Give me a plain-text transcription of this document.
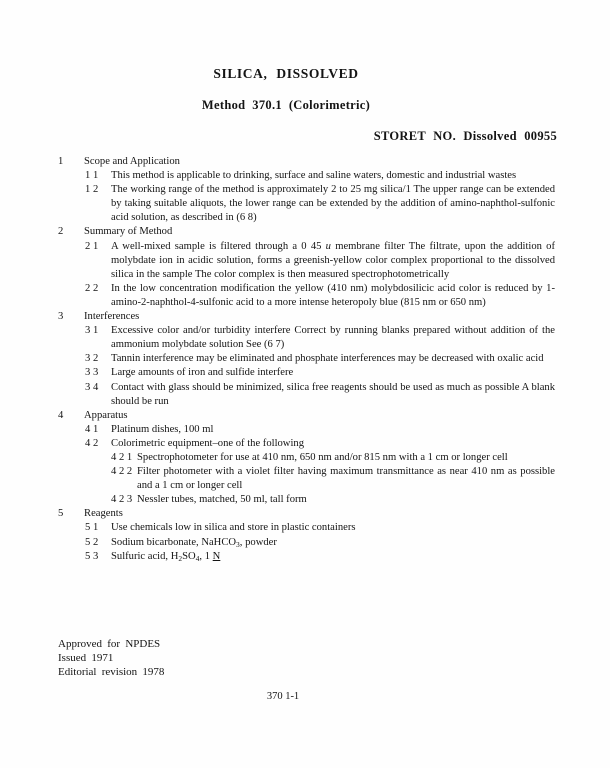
SILICA, DISSOLVED
Method 370.1 (Colorimetric)
STORET NO. Dissolved 00955
1	Scope and Application
1 1	This method is applicable to drinking, surface and saline waters, domestic and industrial wastes
1 2	The working range of the method is approximately 2 to 25 mg silica/1 The upper range can be extended by taking suitable aliquots, the lower range can be extended by the addition of amino-naphthol-sulfonic acid solution, as described in (6 8)
2	Summary of Method
2 1	A well-mixed sample is filtered through a 0 45 u membrane filter The filtrate, upon the addition of molybdate ion in acidic solution, forms a greenish-yellow color complex proportional to the dissolved silica in the sample The color complex is then measured spectrophotometrically
2 2	In the low concentration modification the yellow (410 nm) molybdosilicic acid color is reduced by 1-amino-2-naphthol-4-sulfonic acid to a more intense heteropoly blue (815 nm or 650 nm)
3	Interferences
3 1	Excessive color and/or turbidity interfere Correct by running blanks prepared without addition of the ammonium molybdate solution See (6 7)
3 2	Tannin interference may be eliminated and phosphate interferences may be decreased with oxalic acid
3 3	Large amounts of iron and sulfide interfere
3 4	Contact with glass should be minimized, silica free reagents should be used as much as possible A blank should be run
4	Apparatus
4 1	Platinum dishes, 100 ml
4 2	Colorimetric equipment–one of the following
4 2 1 Spectrophotometer for use at 410 nm, 650 nm and/or 815 nm with a 1 cm or longer cell
4 2 2 Filter photometer with a violet filter having maximum transmittance as near 410 nm as possible and a 1 cm or longer cell
4 2 3 Nessler tubes, matched, 50 ml, tall form
5	Reagents
5 1	Use chemicals low in silica and store in plastic containers
5 2	Sodium bicarbonate, NaHCO$_3$, powder
5 3	Sulfuric acid, $H_2SO_4$, 1 N
Approved for NPDES
Issued 1971
Editorial revision 1978
370 1-1
